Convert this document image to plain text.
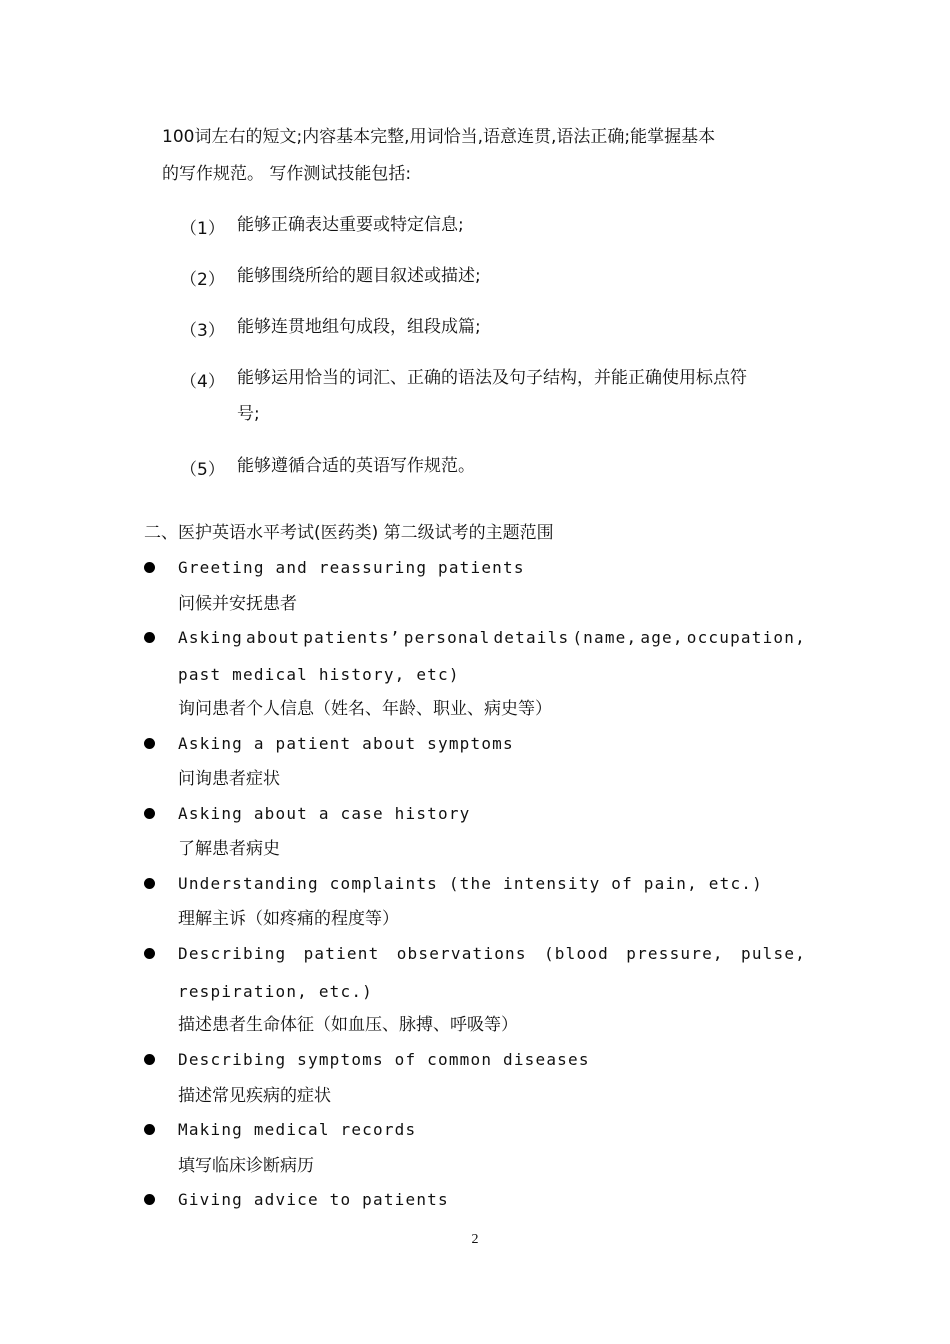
100词左右的短文;内容基本完整,用词恰当,语意连贯,语法正确;能掌握基本
的写作规范。 写作测试技能包括:
（1） 能够正确表达重要或特定信息;
（2） 能够围绕所给的题目叙述或描述;
（3） 能够连贯地组句成段，组段成篇;
（4） 能够运用恰当的词汇、正确的语法及句子结构，并能正确使用标点符
号;
（5） 能够遵循合适的英语写作规范。
二、医护英语水平考试(医药类) 第二级试考的主题范围
Greeting and reassuring patients
问候并安抚患者
Asking about patients’ personal details (name, age, occupation,
past medical history, etc)
询问患者个人信息（姓名、年龄、职业、病史等）
Asking a patient about symptoms
问询患者症状
Asking about a case history
了解患者病史
Understanding complaints (the intensity of pain, etc.)
理解主诉（如疼痛的程度等）
Describing patient observations (blood pressure, pulse,
respiration, etc.)
描述患者生命体征（如血压、脉搏、呼吸等）
Describing symptoms of common diseases
描述常见疾病的症状
Making medical records
填写临床诊断病历
Giving advice to patients
2
